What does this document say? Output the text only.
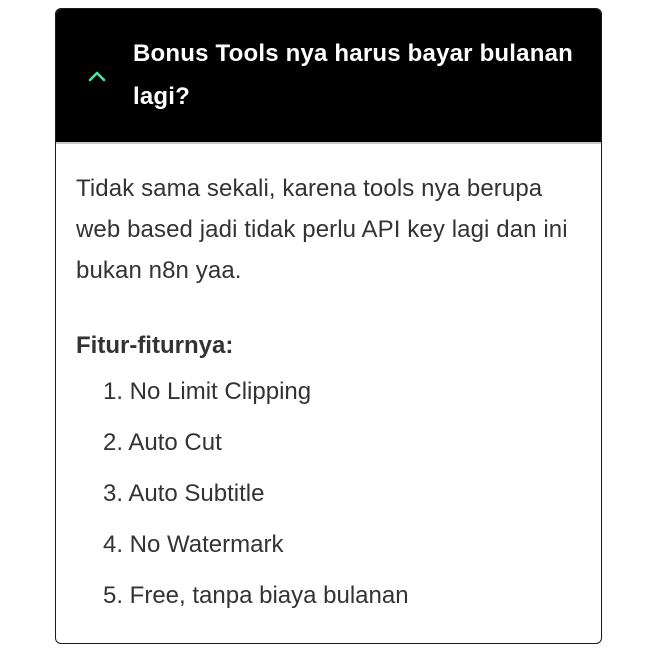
Bonus Tools nya harus bayar bulanan lagi?

Tidak sama sekali, karena tools nya berupa web based jadi tidak perlu API key lagi dan ini bukan n8n yaa.

Fitur-fiturnya:
1. No Limit Clipping
2. Auto Cut
3. Auto Subtitle
4. No Watermark
5. Free, tanpa biaya bulanan
